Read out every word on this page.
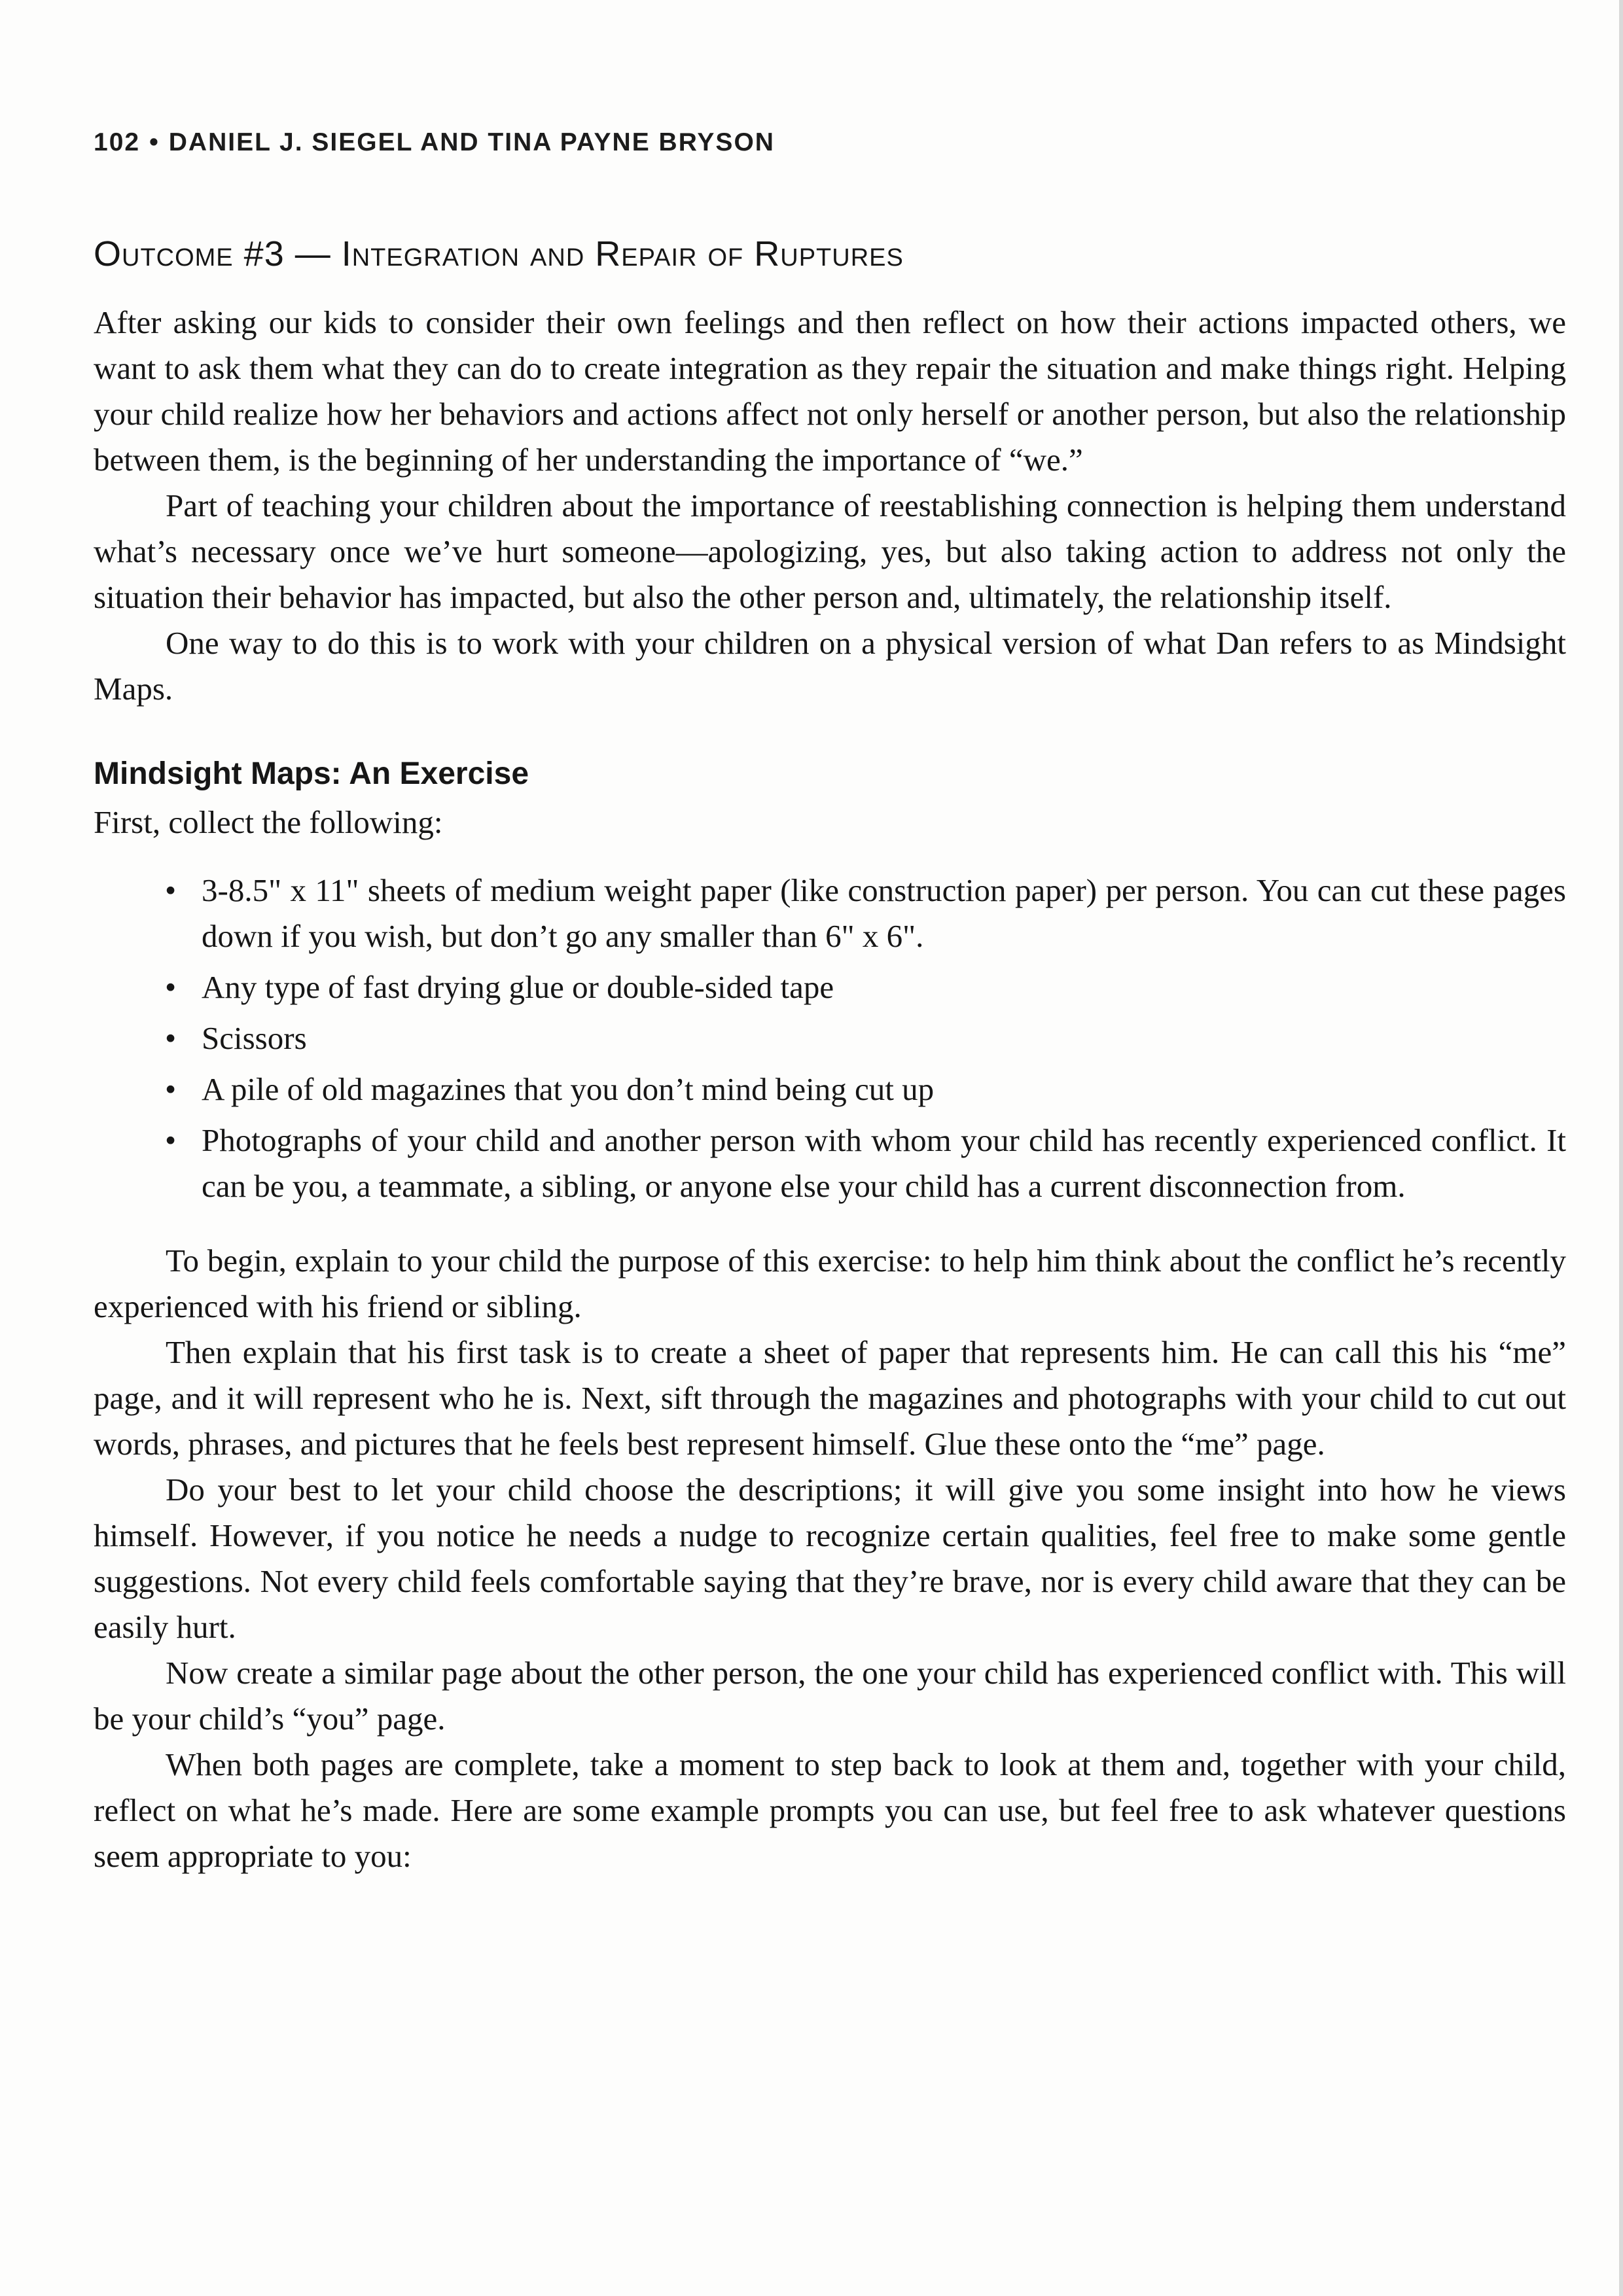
102 • DANIEL J. SIEGEL AND TINA PAYNE BRYSON
Outcome #3 — Integration and Repair of Ruptures

After asking our kids to consider their own feelings and then reflect on how their actions impacted others, we want to ask them what they can do to create integration as they repair the situation and make things right. Helping your child realize how her behaviors and actions affect not only herself or another person, but also the relationship between them, is the beginning of her understanding the importance of “we.”

Part of teaching your children about the importance of reestablishing connection is helping them understand what’s necessary once we’ve hurt someone—apologizing, yes, but also taking action to address not only the situation their behavior has impacted, but also the other person and, ultimately, the relationship itself.

One way to do this is to work with your children on a physical version of what Dan refers to as Mindsight Maps.

Mindsight Maps: An Exercise

First, collect the following:

• 3-8.5" x 11" sheets of medium weight paper (like construction paper) per person. You can cut these pages down if you wish, but don’t go any smaller than 6" x 6".
• Any type of fast drying glue or double-sided tape
• Scissors
• A pile of old magazines that you don’t mind being cut up
• Photographs of your child and another person with whom your child has recently experienced conflict. It can be you, a teammate, a sibling, or anyone else your child has a current disconnection from.

To begin, explain to your child the purpose of this exercise: to help him think about the conflict he’s recently experienced with his friend or sibling.

Then explain that his first task is to create a sheet of paper that represents him. He can call this his “me” page, and it will represent who he is. Next, sift through the magazines and photographs with your child to cut out words, phrases, and pictures that he feels best represent himself. Glue these onto the “me” page.

Do your best to let your child choose the descriptions; it will give you some insight into how he views himself. However, if you notice he needs a nudge to recognize certain qualities, feel free to make some gentle suggestions. Not every child feels comfortable saying that they’re brave, nor is every child aware that they can be easily hurt.

Now create a similar page about the other person, the one your child has experienced conflict with. This will be your child’s “you” page.

When both pages are complete, take a moment to step back to look at them and, together with your child, reflect on what he’s made. Here are some example prompts you can use, but feel free to ask whatever questions seem appropriate to you:
